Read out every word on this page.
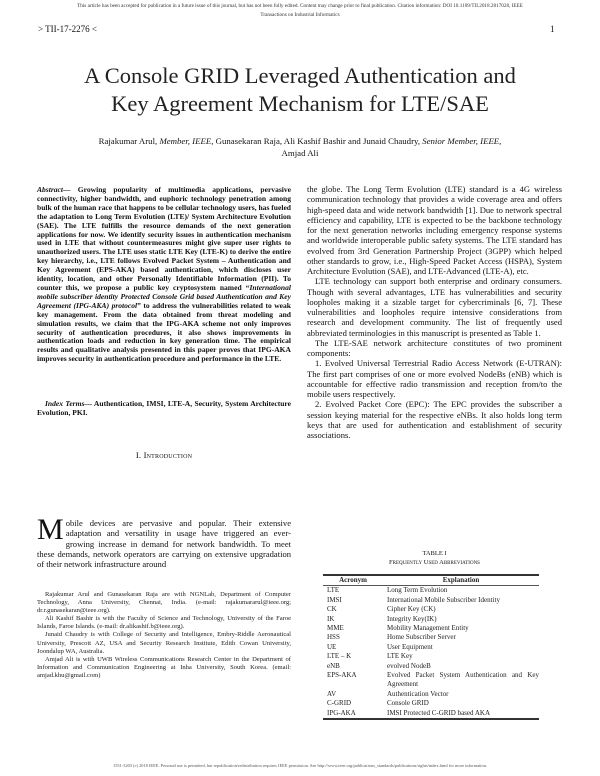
This article has been accepted for publication in a future issue of this journal, but has not been fully edited. Content may change prior to final publication. Citation information: DOI 10.1109/TII.2018.2817028, IEEE
Transactions on Industrial Informatics
> TII-17-2276 <	1
A Console GRID Leveraged Authentication and
Key Agreement Mechanism for LTE/SAE
Rajakumar Arul, Member, IEEE, Gunasekaran Raja, Ali Kashif Bashir and Junaid Chaudry, Senior Member, IEEE, Amjad Ali
Abstract— Growing popularity of multimedia applications, pervasive connectivity, higher bandwidth, and euphoric technology penetration among bulk of the human race that happens to be cellular technology users, has fueled the adaptation to Long Term Evolution (LTE)/ System Architecture Evolution (SAE). The LTE fulfills the resource demands of the next generation applications for now. We identify security issues in authentication mechanism used in LTE that without countermeasures might give super user rights to unauthorized users. The LTE uses static LTE Key (LTE-K) to derive the entire key hierarchy, i.e., LTE follows Evolved Packet System – Authentication and Key Agreement (EPS-AKA) based authentication, which discloses user identity, location, and other Personally Identifiable Information (PII). To counter this, we propose a public key cryptosystem named “International mobile subscriber identity Protected Console Grid based Authentication and Key Agreement (IPG-AKA) protocol” to address the vulnerabilities related to weak key management. From the data obtained from threat modeling and simulation results, we claim that the IPG-AKA scheme not only improves security of authentication procedures, it also shows improvements in authentication loads and reduction in key generation time. The empirical results and qualitative analysis presented in this paper proves that IPG-AKA improves security in authentication procedure and performance in the LTE.
Index Terms— Authentication, IMSI, LTE-A, Security, System Architecture Evolution, PKI.
I. Introduction
Mobile devices are pervasive and popular. Their extensive adaptation and versatility in usage have triggered an ever-growing increase in demand for network bandwidth. To meet these demands, network operators are carrying on extensive upgradation of their network infrastructure around

Rajakumar Arul and Gunasekaran Raja are with NGNLab, Department of Computer Technology, Anna University, Chennai, India. (e-mail: rajakumararul@ieee.org; dr.r.gunasekaran@ieee.org).

Ali Kashif Bashir is with the Faculty of Science and Technology, University of the Faroe Islands, Faroe Islands. (e-mail: dr.alikashif.b@ieee.org).

Junaid Chaudry is with College of Security and Intelligence, Embry-Riddle Aeronautical University, Prescott AZ, USA and Security Research Institute, Edith Cowan University, Joondalup WA, Australia.

Amjad Ali is with UWB Wireless Communications Research Center in the Department of Information and Communication Engineering at Inha University, South Korea. (email: amjad.khu@gmail.com)

the globe. The Long Term Evolution (LTE) standard is a 4G wireless communication technology that provides a wide coverage area and offers high-speed data and wide network bandwidth [1]. Due to network spectral efficiency and capability, LTE is expected to be the backbone technology for the next generation networks including emergency response systems and worldwide interoperable public safety systems. The LTE standard has evolved from 3rd Generation Partnership Project (3GPP) which helped other standards to grow, i.e., High-Speed Packet Access (HSPA), System Architecture Evolution (SAE), and LTE-Advanced (LTE-A), etc.

LTE technology can support both enterprise and ordinary consumers. Though with several advantages, LTE has vulnerabilities and security loopholes making it a sizable target for cybercriminals [6, 7]. These vulnerabilities and loopholes require intensive considerations from research and development community. The list of frequently used abbreviated terminologies in this manuscript is presented as Table 1.

The LTE-SAE network architecture constitutes of two prominent components:

1. Evolved Universal Terrestrial Radio Access Network (E-UTRAN): The first part comprises of one or more evolved NodeBs (eNB) which is accountable for effective radio transmission and reception from/to the mobile users respectively.

2. Evolved Packet Core (EPC): The EPC provides the subscriber a session keying material for the respective eNBs. It also holds long term keys that are used for authentication and establishment of security associations.

TABLE I
Frequently Used Abbreviations
Acronym	Explanation
LTE	Long Term Evolution
IMSI	International Mobile Subscriber Identity
CK	Cipher Key (CK)
IK	Integrity Key(IK)
MME	Mobility Management Entity
HSS	Home Subscriber Server
UE	User Equipment
LTE – K	LTE Key
eNB	evolved NodeB
EPS-AKA	Evolved Packet System Authentication and Key Agreement
AV	Authentication Vector
C-GRID	Console GRID
IPG-AKA	IMSI Protected C-GRID based AKA
1551-3203 (c) 2018 IEEE. Personal use is permitted, but republication/redistribution requires IEEE permission. See http://www.ieee.org/publications_standards/publications/rights/index.html for more information.
